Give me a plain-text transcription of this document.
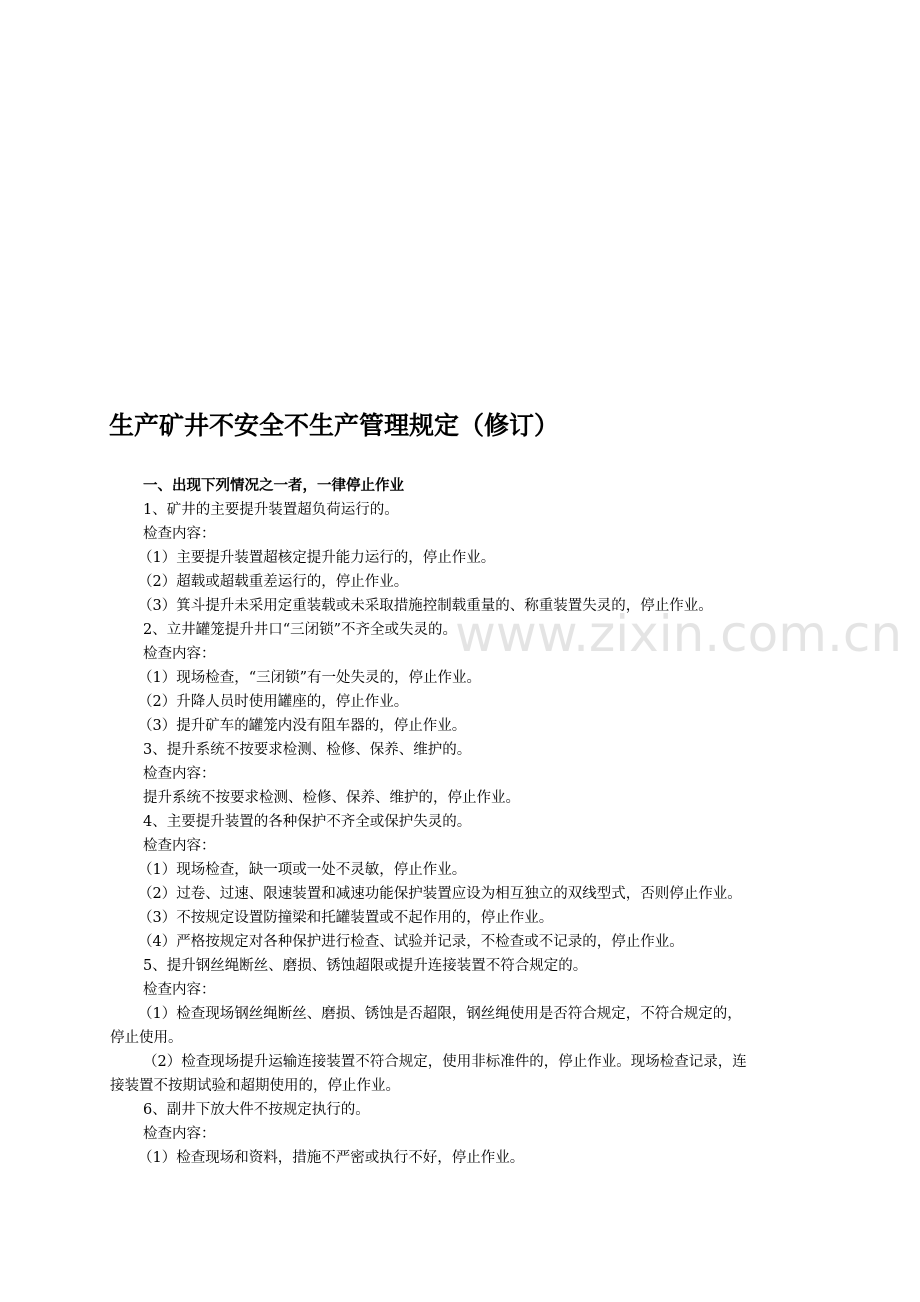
www.zixin.com.cn
生产矿井不安全不生产管理规定（修订）
一、出现下列情况之一者，一律停止作业
1、矿井的主要提升装置超负荷运行的。
检查内容：
（1）主要提升装置超核定提升能力运行的，停止作业。
（2）超载或超载重差运行的，停止作业。
（3）箕斗提升未采用定重装载或未采取措施控制载重量的、称重装置失灵的，停止作业。
2、立井罐笼提升井口“三闭锁”不齐全或失灵的。
检查内容：
（1）现场检查，“三闭锁”有一处失灵的，停止作业。
（2）升降人员时使用罐座的，停止作业。
（3）提升矿车的罐笼内没有阻车器的，停止作业。
3、提升系统不按要求检测、检修、保养、维护的。
检查内容：
提升系统不按要求检测、检修、保养、维护的，停止作业。
4、主要提升装置的各种保护不齐全或保护失灵的。
检查内容：
（1）现场检查，缺一项或一处不灵敏，停止作业。
（2）过卷、过速、限速装置和减速功能保护装置应设为相互独立的双线型式，否则停止作业。
（3）不按规定设置防撞梁和托罐装置或不起作用的，停止作业。
（4）严格按规定对各种保护进行检查、试验并记录，不检查或不记录的，停止作业。
5、提升钢丝绳断丝、磨损、锈蚀超限或提升连接装置不符合规定的。
检查内容：
（1）检查现场钢丝绳断丝、磨损、锈蚀是否超限，钢丝绳使用是否符合规定，不符合规定的，
停止使用。
（2）检查现场提升运输连接装置不符合规定，使用非标准件的，停止作业。现场检查记录，连
接装置不按期试验和超期使用的，停止作业。
6、副井下放大件不按规定执行的。
检查内容：
（1）检查现场和资料，措施不严密或执行不好，停止作业。
